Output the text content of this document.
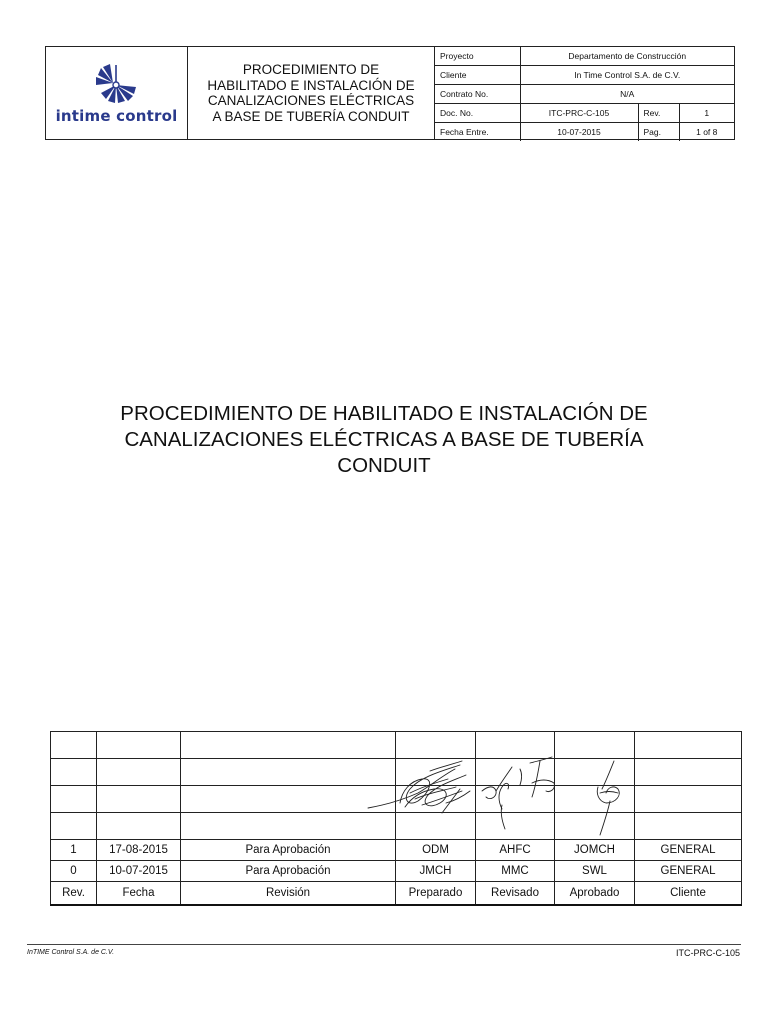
intime control
PROCEDIMIENTO DE
HABILITADO E INSTALACIÓN DE
CANALIZACIONES ELÉCTRICAS
A BASE DE TUBERÍA CONDUIT
Proyecto	Departamento de Construcción		
Cliente	In Time Control S.A. de C.V.		
Contrato No.	N/A		
Doc. No.	ITC-PRC-C-105	Rev.	1
Fecha Entre.	10-07-2015	Pag.	1 of 8
PROCEDIMIENTO DE HABILITADO E INSTALACIÓN DE
CANALIZACIONES ELÉCTRICAS A BASE DE TUBERÍA
CONDUIT

1	17-08-2015	Para Aprobación	ODM	AHFC	JOMCH	GENERAL
0	10-07-2015	Para Aprobación	JMCH	MMC	SWL	GENERAL
Rev.	Fecha	Revisión	Preparado	Revisado	Aprobado	Cliente
InTIME Control S.A. de C.V.	ITC-PRC-C-105
